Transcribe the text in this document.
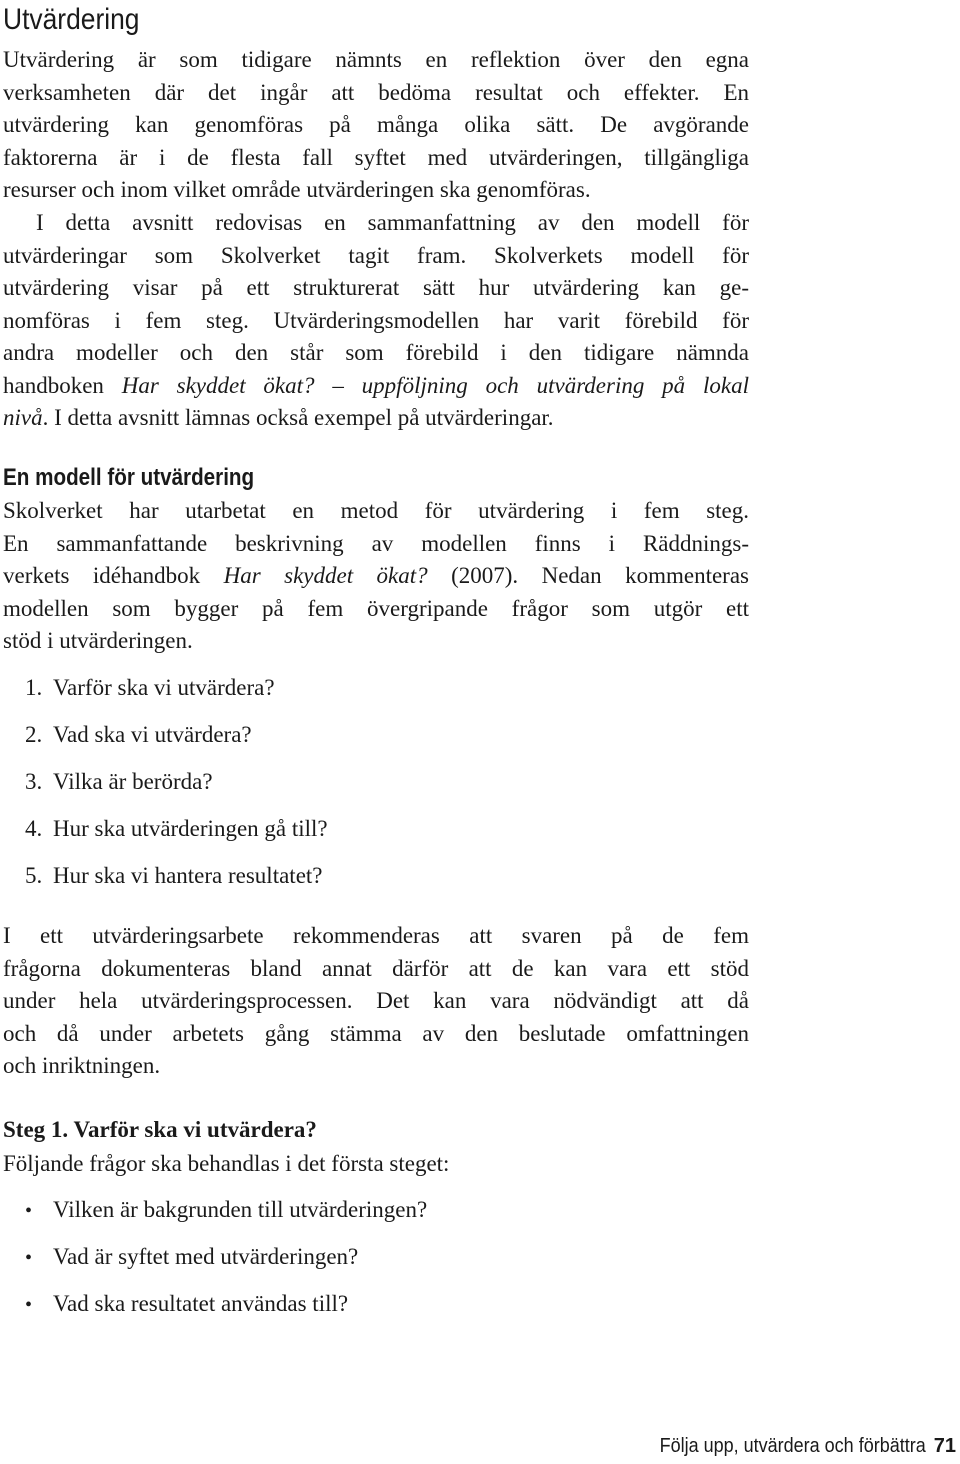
Utvärdering

Utvärdering är som tidigare nämnts en reflektion över den egna
verksamheten där det ingår att bedöma resultat och effekter. En
utvärdering kan genomföras på många olika sätt. De avgörande
faktorerna är i de flesta fall syftet med utvärderingen, tillgängliga
resurser och inom vilket område utvärderingen ska genomföras.

I detta avsnitt redovisas en sammanfattning av den modell för
utvärderingar som Skolverket tagit fram. Skolverkets modell för
utvärdering visar på ett strukturerat sätt hur utvärdering kan ge-
nomföras i fem steg. Utvärderingsmodellen har varit förebild för
andra modeller och den står som förebild i den tidigare nämnda
handboken Har skyddet ökat? – uppföljning och utvärdering på lokal
nivå. I detta avsnitt lämnas också exempel på utvärderingar.

En modell för utvärdering

Skolverket har utarbetat en metod för utvärdering i fem steg.
En sammanfattande beskrivning av modellen finns i Räddnings-
verkets idéhandbok Har skyddet ökat? (2007). Nedan kommenteras
modellen som bygger på fem övergripande frågor som utgör ett
stöd i utvärderingen.

1. Varför ska vi utvärdera?
2. Vad ska vi utvärdera?
3. Vilka är berörda?
4. Hur ska utvärderingen gå till?
5. Hur ska vi hantera resultatet?

I ett utvärderingsarbete rekommenderas att svaren på de fem
frågorna dokumenteras bland annat därför att de kan vara ett stöd
under hela utvärderingsprocessen. Det kan vara nödvändigt att då
och då under arbetets gång stämma av den beslutade omfattningen
och inriktningen.

Steg 1. Varför ska vi utvärdera?

Följande frågor ska behandlas i det första steget:

• Vilken är bakgrunden till utvärderingen?
• Vad är syftet med utvärderingen?
• Vad ska resultatet användas till?
Följa upp, utvärdera och förbättra 71
